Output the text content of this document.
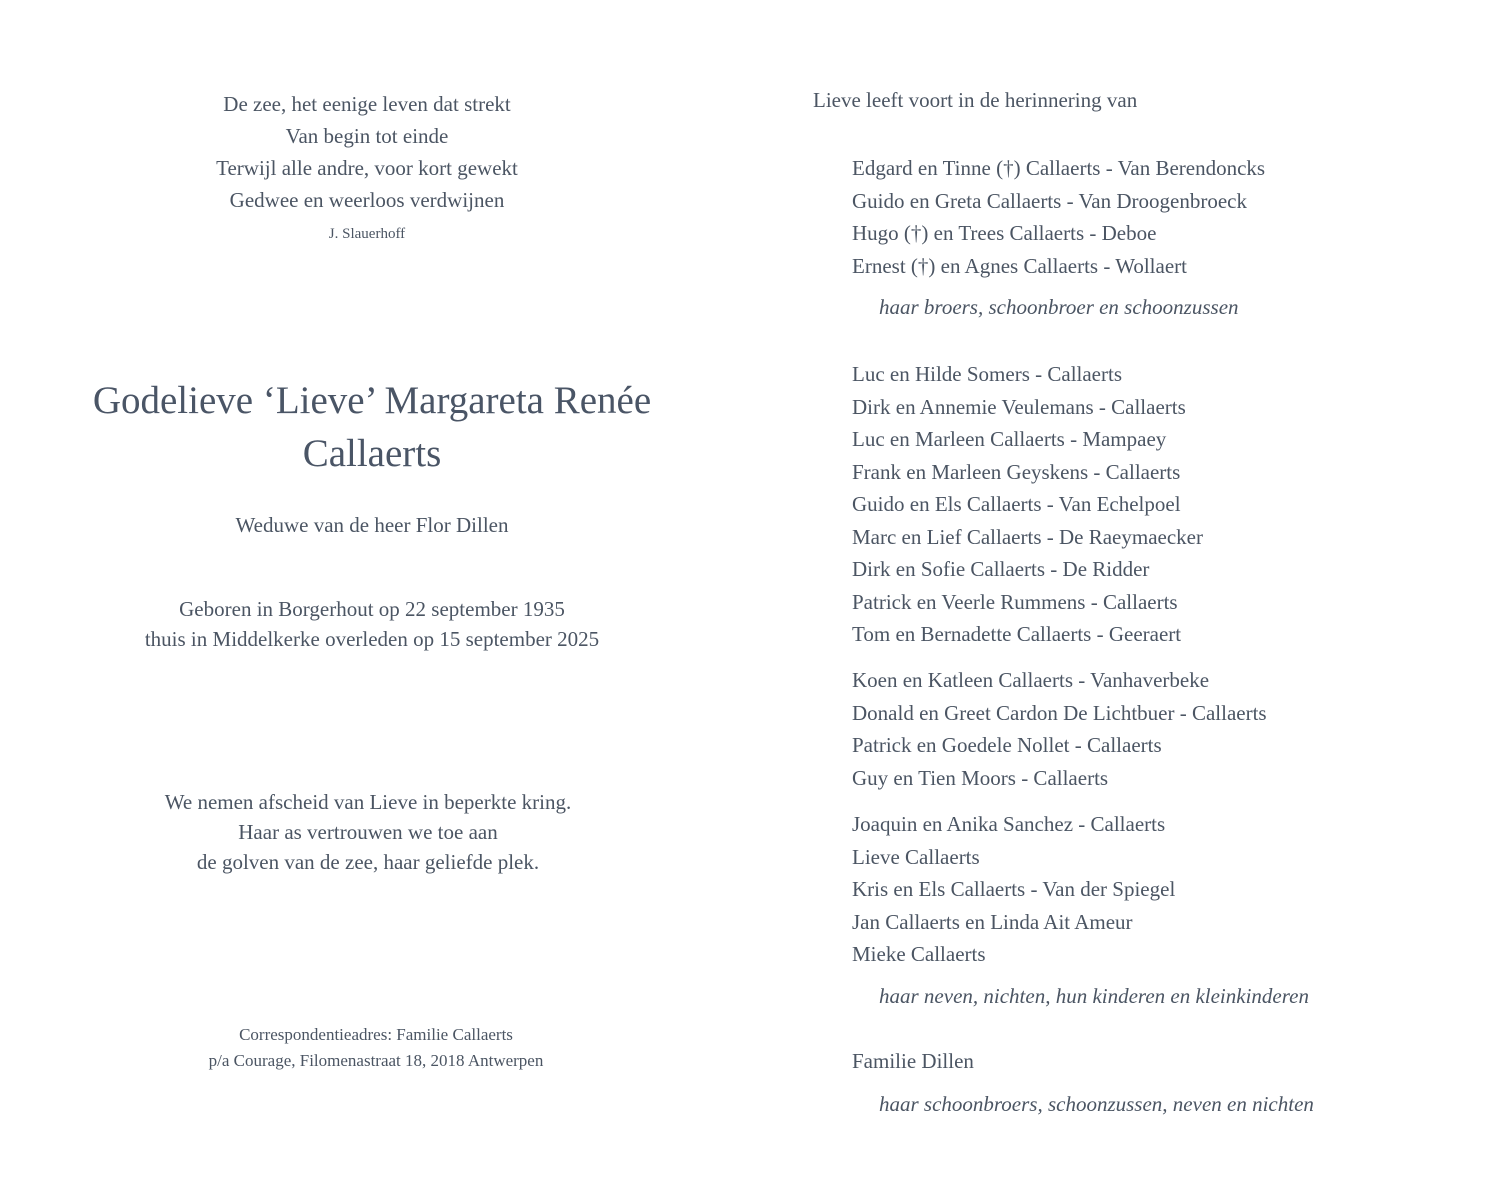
De zee, het eenige leven dat strekt
Van begin tot einde
Terwijl alle andre, voor kort gewekt
Gedwee en weerloos verdwijnen
J. Slauerhoff
Godelieve ‘Lieve’ Margareta Renée
Callaerts
Weduwe van de heer Flor Dillen
Geboren in Borgerhout op 22 september 1935
thuis in Middelkerke overleden op 15 september 2025
We nemen afscheid van Lieve in beperkte kring.
Haar as vertrouwen we toe aan
de golven van de zee, haar geliefde plek.
Correspondentieadres: Familie Callaerts
p/a Courage, Filomenastraat 18, 2018 Antwerpen
Lieve leeft voort in de herinnering van
Edgard en Tinne (†) Callaerts - Van Berendoncks
Guido en Greta Callaerts - Van Droogenbroeck
Hugo (†) en Trees Callaerts - Deboe
Ernest (†) en Agnes Callaerts - Wollaert
haar broers, schoonbroer en schoonzussen
Luc en Hilde Somers - Callaerts
Dirk en Annemie Veulemans - Callaerts
Luc en Marleen Callaerts - Mampaey
Frank en Marleen Geyskens - Callaerts
Guido en Els Callaerts - Van Echelpoel
Marc en Lief Callaerts - De Raeymaecker
Dirk en Sofie Callaerts - De Ridder
Patrick en Veerle Rummens - Callaerts
Tom en Bernadette Callaerts - Geeraert
Koen en Katleen Callaerts - Vanhaverbeke
Donald en Greet Cardon De Lichtbuer - Callaerts
Patrick en Goedele Nollet - Callaerts
Guy en Tien Moors - Callaerts
Joaquin en Anika Sanchez - Callaerts
Lieve Callaerts
Kris en Els Callaerts - Van der Spiegel
Jan Callaerts en Linda Ait Ameur
Mieke Callaerts
haar neven, nichten, hun kinderen en kleinkinderen
Familie Dillen
haar schoonbroers, schoonzussen, neven en nichten
